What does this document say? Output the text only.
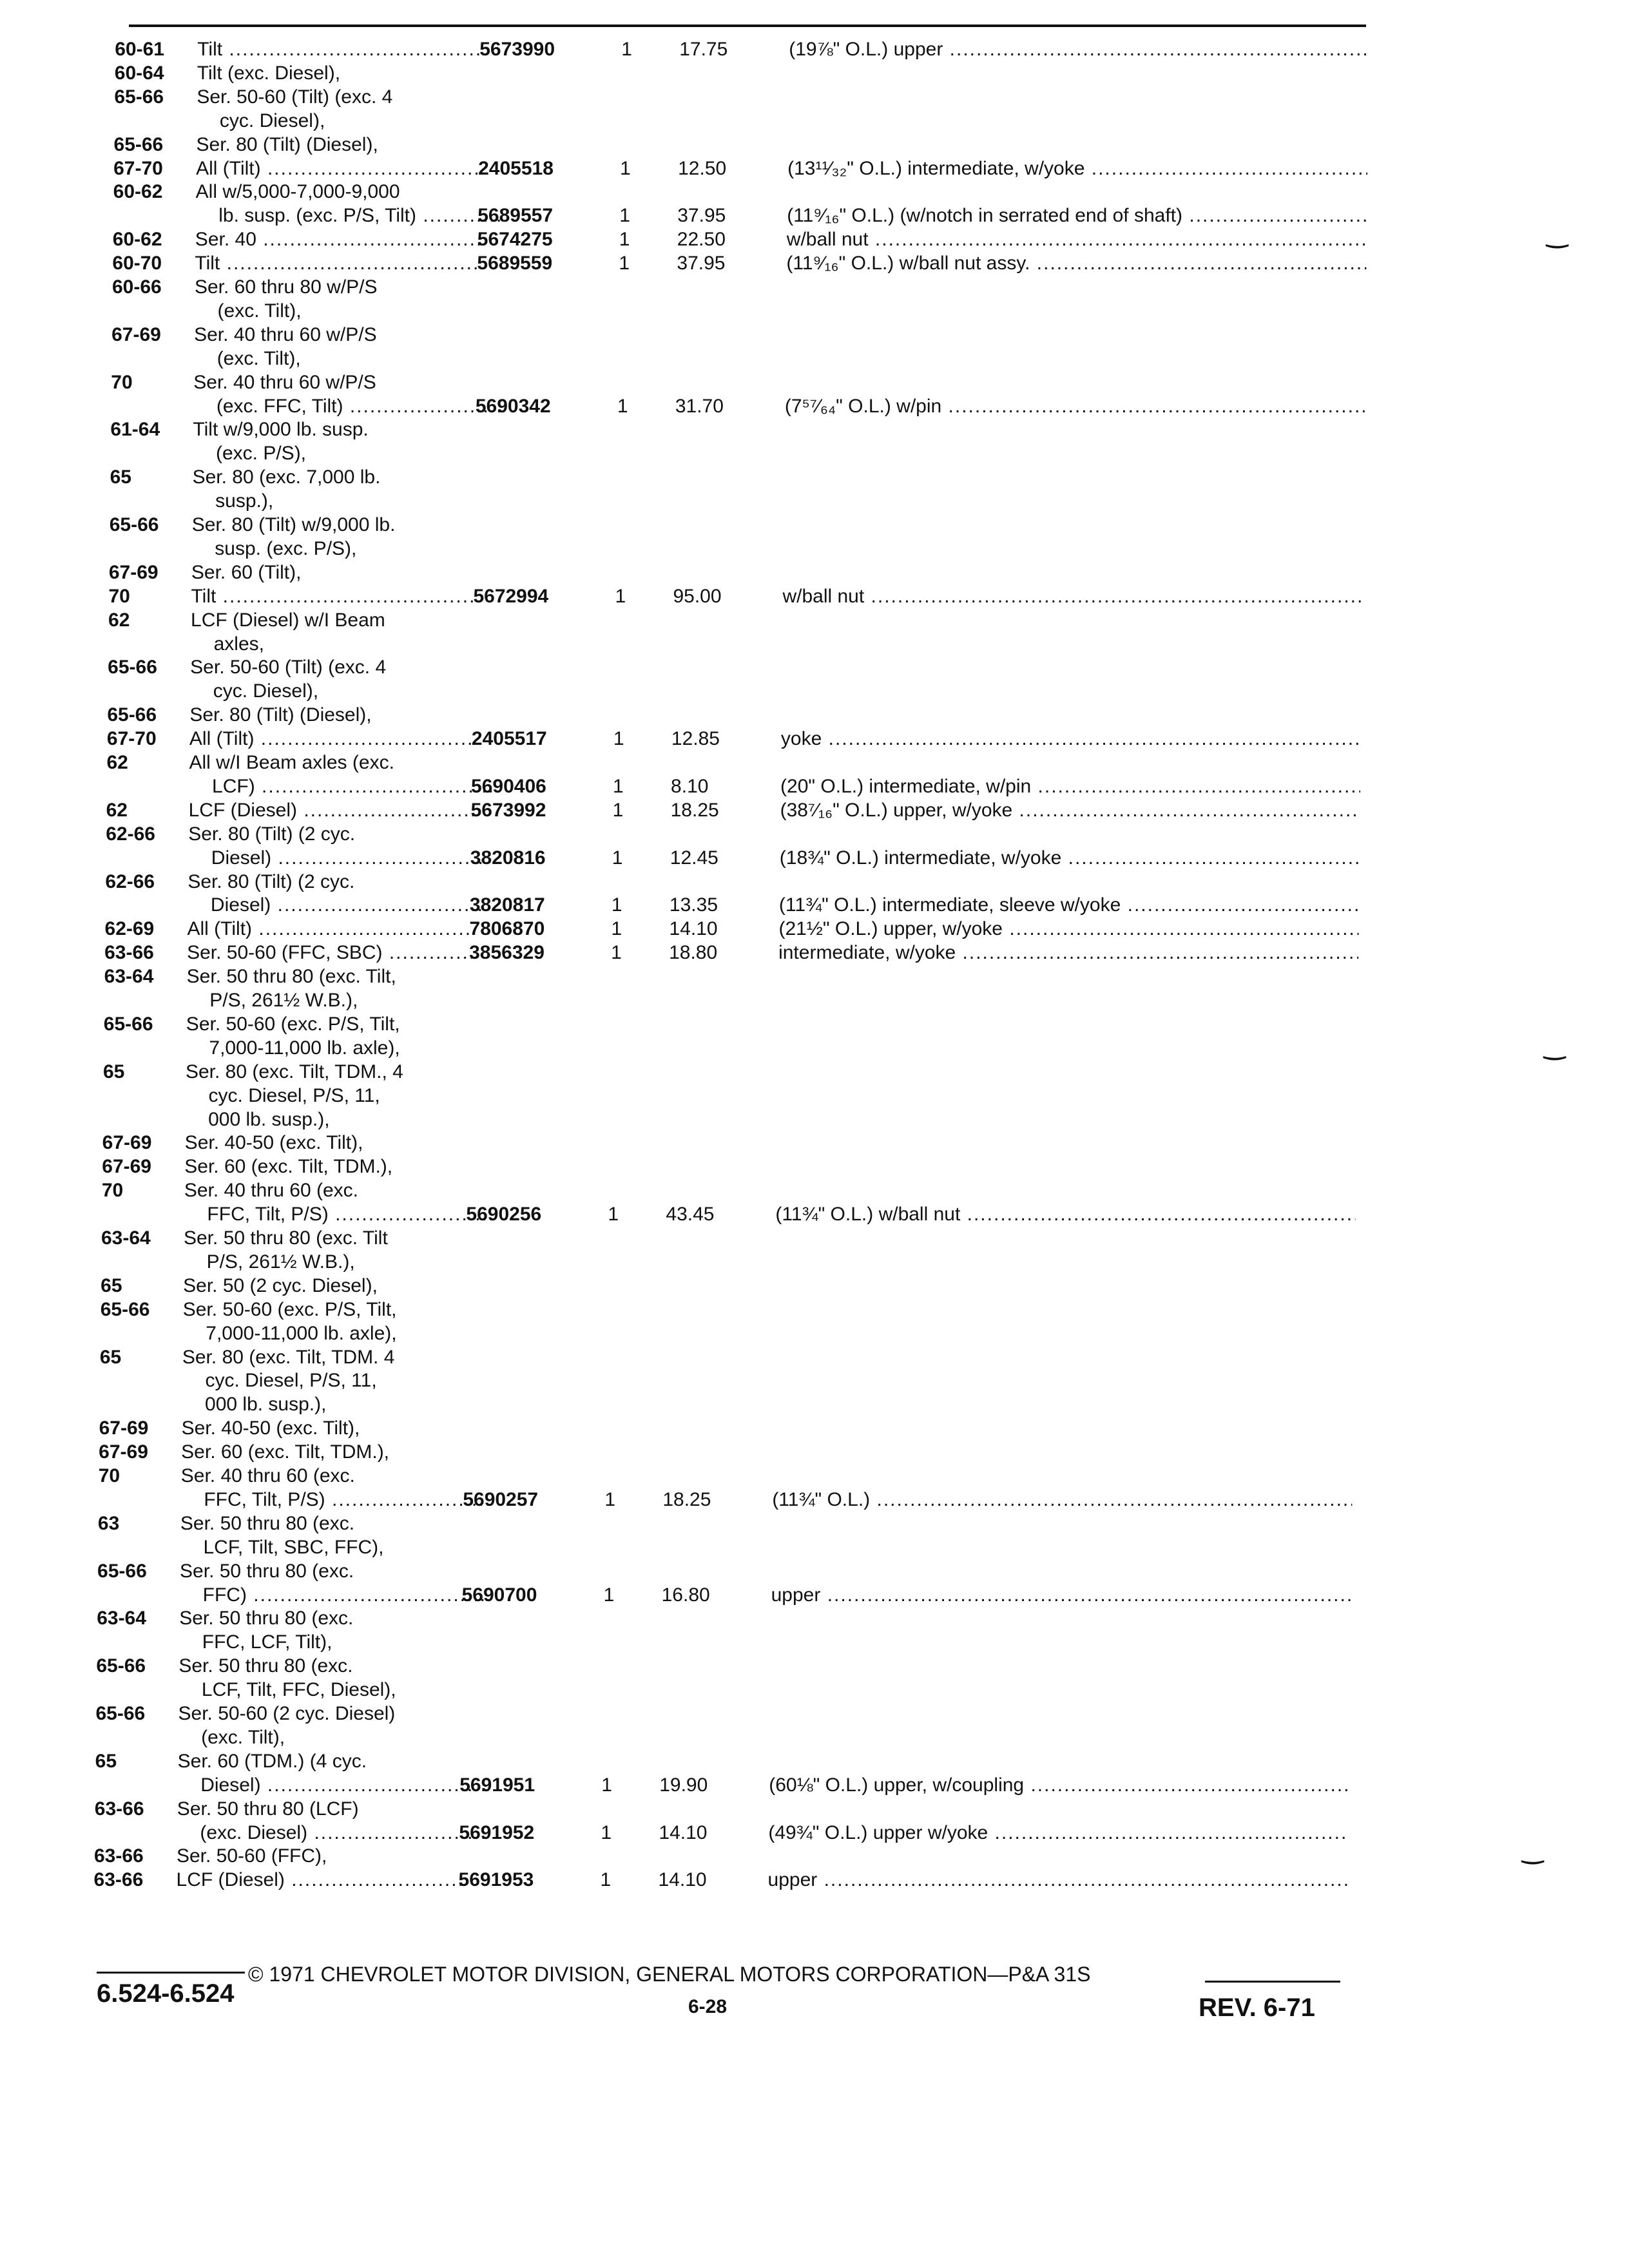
60-61 Tilt .....	5673990	1 17.75	(19⅞" O.L.) upper .....
60-64 Tilt (exc. Diesel),
65-66 Ser. 50-60 (Tilt) (exc. 4
cyc. Diesel),
65-66 Ser. 80 (Tilt) (Diesel),
67-70 All (Tilt) .....	2405518	1 12.50	(13¹¹⁄₃₂" O.L.) intermediate, w/yoke .....
60-62 All w/5,000-7,000-9,000
lb. susp. (exc. P/S, Tilt) .....	5689557	1 37.95	(11⁹⁄₁₆" O.L.) (w/notch in serrated end of shaft) .....
60-62 Ser. 40 .....	5674275	1 22.50	w/ball nut .....
60-70 Tilt .....	5689559	1 37.95	(11⁹⁄₁₆" O.L.) w/ball nut assy. .....
60-66 Ser. 60 thru 80 w/P/S
(exc. Tilt),
67-69 Ser. 40 thru 60 w/P/S
(exc. Tilt),
70	Ser. 40 thru 60 w/P/S
(exc. FFC, Tilt) .....	5690342	1 31.70	(7⁵⁷⁄₆₄" O.L.) w/pin .....
61-64 Tilt w/9,000 lb. susp.
(exc. P/S),
65	Ser. 80 (exc. 7,000 lb.
susp.),
65-66 Ser. 80 (Tilt) w/9,000 lb.
susp. (exc. P/S),
67-69 Ser. 60 (Tilt),
70	Tilt .....	5672994	1 95.00	w/ball nut .....
62	LCF (Diesel) w/I Beam
axles,
65-66 Ser. 50-60 (Tilt) (exc. 4
cyc. Diesel),
65-66 Ser. 80 (Tilt) (Diesel),
67-70 All (Tilt) .....	2405517	1 12.85	yoke .....
62	All w/I Beam axles (exc.
LCF) .....	5690406	1 8.10	(20" O.L.) intermediate, w/pin .....
62	LCF (Diesel) .....	5673992	1 18.25	(38⁷⁄₁₆" O.L.) upper, w/yoke .....
62-66 Ser. 80 (Tilt) (2 cyc.
Diesel) .....	3820816	1 12.45	(18¾" O.L.) intermediate, w/yoke .....
62-66 Ser. 80 (Tilt) (2 cyc.
Diesel) .....	3820817	1 13.35	(11¾" O.L.) intermediate, sleeve w/yoke .....
62-69 All (Tilt) .....	7806870	1 14.10	(21½" O.L.) upper, w/yoke .....
63-66 Ser. 50-60 (FFC, SBC) .....	3856329	1 18.80	intermediate, w/yoke .....
63-64 Ser. 50 thru 80 (exc. Tilt,
P/S, 261½ W.B.),
65-66 Ser. 50-60 (exc. P/S, Tilt,
7,000-11,000 lb. axle),
65	Ser. 80 (exc. Tilt, TDM., 4
cyc. Diesel, P/S, 11,
000 lb. susp.),
67-69 Ser. 40-50 (exc. Tilt),
67-69 Ser. 60 (exc. Tilt, TDM.),
70	Ser. 40 thru 60 (exc.
FFC, Tilt, P/S) .....	5690256	1 43.45	(11¾" O.L.) w/ball nut .....
63-64 Ser. 50 thru 80 (exc. Tilt
P/S, 261½ W.B.),
65	Ser. 50 (2 cyc. Diesel),
65-66 Ser. 50-60 (exc. P/S, Tilt,
7,000-11,000 lb. axle),
65	Ser. 80 (exc. Tilt, TDM. 4
cyc. Diesel, P/S, 11,
000 lb. susp.),
67-69 Ser. 40-50 (exc. Tilt),
67-69 Ser. 60 (exc. Tilt, TDM.),
70	Ser. 40 thru 60 (exc.
FFC, Tilt, P/S) .....	5690257	1 18.25	(11¾" O.L.) .....
63	Ser. 50 thru 80 (exc.
LCF, Tilt, SBC, FFC),
65-66 Ser. 50 thru 80 (exc.
FFC) .....	5690700	1 16.80	upper .....
63-64 Ser. 50 thru 80 (exc.
FFC, LCF, Tilt),
65-66 Ser. 50 thru 80 (exc.
LCF, Tilt, FFC, Diesel),
65-66 Ser. 50-60 (2 cyc. Diesel)
(exc. Tilt),
65	Ser. 60 (TDM.) (4 cyc.
Diesel) .....	5691951	1 19.90	(60⅛" O.L.) upper, w/coupling .....
63-66 Ser. 50 thru 80 (LCF)
(exc. Diesel) .....	5691952	1 14.10	(49¾" O.L.) upper w/yoke .....
63-66 Ser. 50-60 (FFC),
63-66 LCF (Diesel) .....	5691953	1 14.10	upper .....
© 1971 CHEVROLET MOTOR DIVISION, GENERAL MOTORS CORPORATION—P&A 31S
6.524-6.524	6-28	REV. 6-71
‿
‿
‿
